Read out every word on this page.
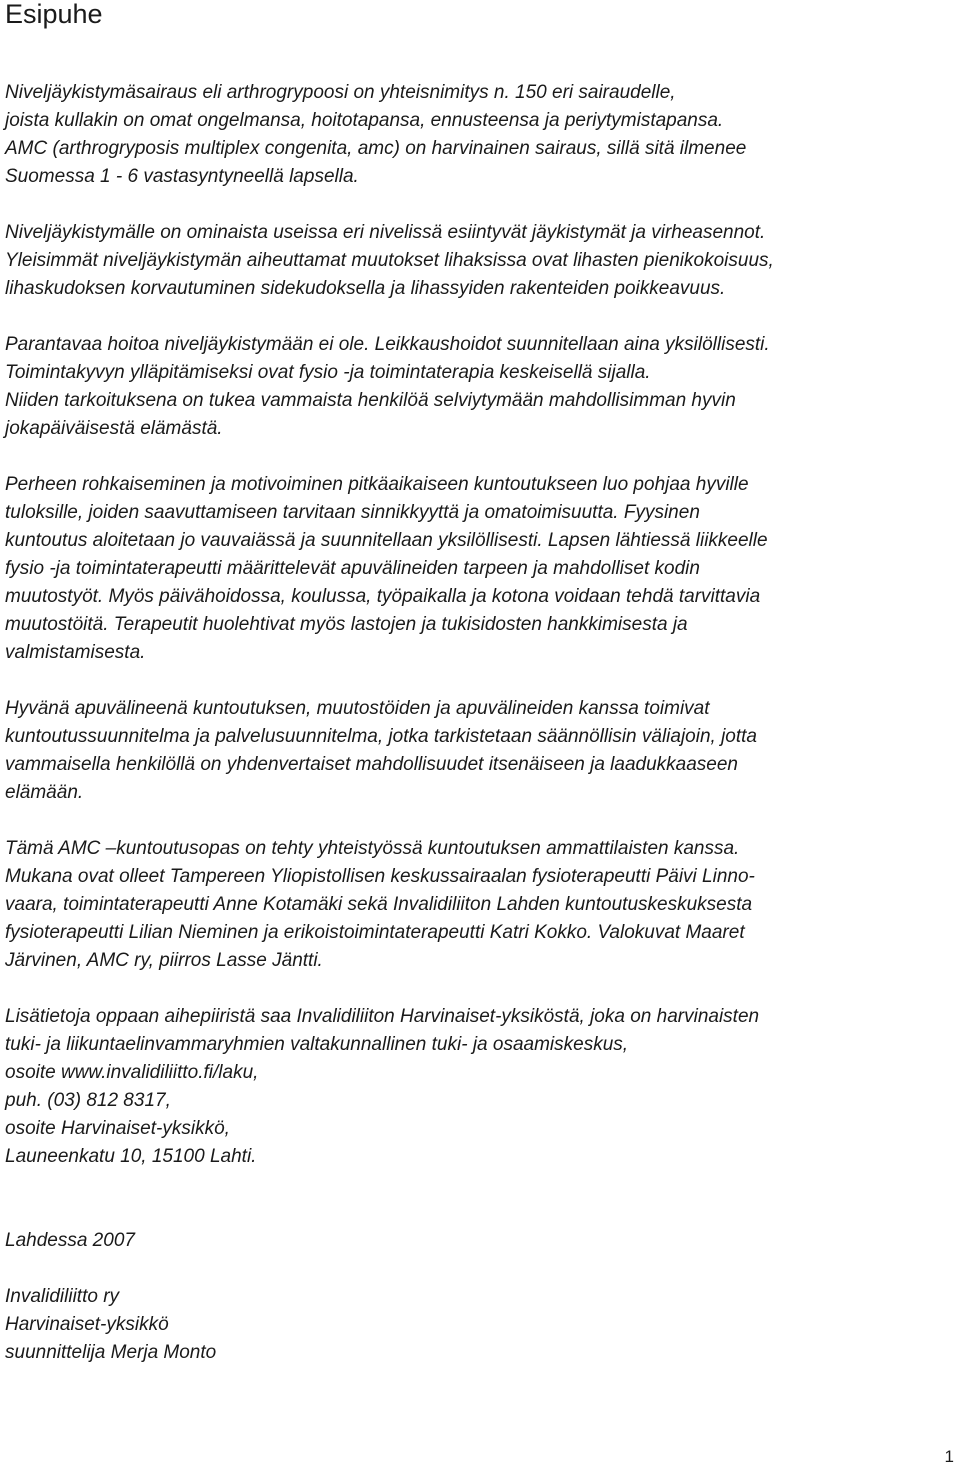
Esipuhe
Niveljäykistymäsairaus eli arthrogrypoosi on yhteisnimitys n. 150 eri sairaudelle,
joista kullakin on omat ongelmansa, hoitotapansa, ennusteensa ja periytymistapansa.
AMC (arthrogryposis multiplex congenita, amc) on harvinainen sairaus, sillä sitä ilmenee
Suomessa 1 - 6 vastasyntyneellä lapsella.
Niveljäykistymälle on ominaista useissa eri nivelissä esiintyvät jäykistymät ja virheasennot.
Yleisimmät niveljäykistymän aiheuttamat muutokset lihaksissa ovat lihasten pienikokoisuus,
lihaskudoksen korvautuminen sidekudoksella ja lihassyiden rakenteiden poikkeavuus.
Parantavaa hoitoa niveljäykistymään ei ole. Leikkaushoidot suunnitellaan aina yksilöllisesti.
Toimintakyvyn ylläpitämiseksi ovat fysio -ja toimintaterapia keskeisellä sijalla.
Niiden tarkoituksena on tukea vammaista henkilöä selviytymään mahdollisimman hyvin
jokapäiväisestä elämästä.
Perheen rohkaiseminen ja motivoiminen pitkäaikaiseen kuntoutukseen luo pohjaa hyville
tuloksille, joiden saavuttamiseen tarvitaan sinnikkyyttä ja omatoimisuutta. Fyysinen
kuntoutus aloitetaan jo vauvaiässä ja suunnitellaan yksilöllisesti. Lapsen lähtiessä liikkeelle
fysio -ja toimintaterapeutti määrittelevät apuvälineiden tarpeen ja mahdolliset kodin
muutostyöt. Myös päivähoidossa, koulussa, työpaikalla ja kotona voidaan tehdä tarvittavia
muutostöitä. Terapeutit huolehtivat myös lastojen ja tukisidosten hankkimisesta ja
valmistamisesta.
Hyvänä apuvälineenä kuntoutuksen, muutostöiden ja apuvälineiden kanssa toimivat
kuntoutussuunnitelma ja palvelusuunnitelma, jotka tarkistetaan säännöllisin väliajoin, jotta
vammaisella henkilöllä on yhdenvertaiset mahdollisuudet itsenäiseen ja laadukkaaseen
elämään.
Tämä AMC –kuntoutusopas on tehty yhteistyössä kuntoutuksen ammattilaisten kanssa.
Mukana ovat olleet Tampereen Yliopistollisen keskussairaalan fysioterapeutti Päivi Linno-
vaara, toimintaterapeutti Anne Kotamäki sekä Invalidiliiton Lahden kuntoutuskeskuksesta
fysioterapeutti Lilian Nieminen ja erikoistoimintaterapeutti Katri Kokko. Valokuvat Maaret
Järvinen, AMC ry, piirros Lasse Jäntti.
Lisätietoja oppaan aihepiiristä saa Invalidiliiton Harvinaiset-yksiköstä, joka on harvinaisten
tuki- ja liikuntaelinvammaryhmien valtakunnallinen tuki- ja osaamiskeskus,
osoite www.invalidiliitto.fi/laku,
puh. (03) 812 8317,
osoite Harvinaiset-yksikkö,
Launeenkatu 10, 15100 Lahti.
Lahdessa 2007
Invalidiliitto ry
Harvinaiset-yksikkö
suunnittelija Merja Monto
1
